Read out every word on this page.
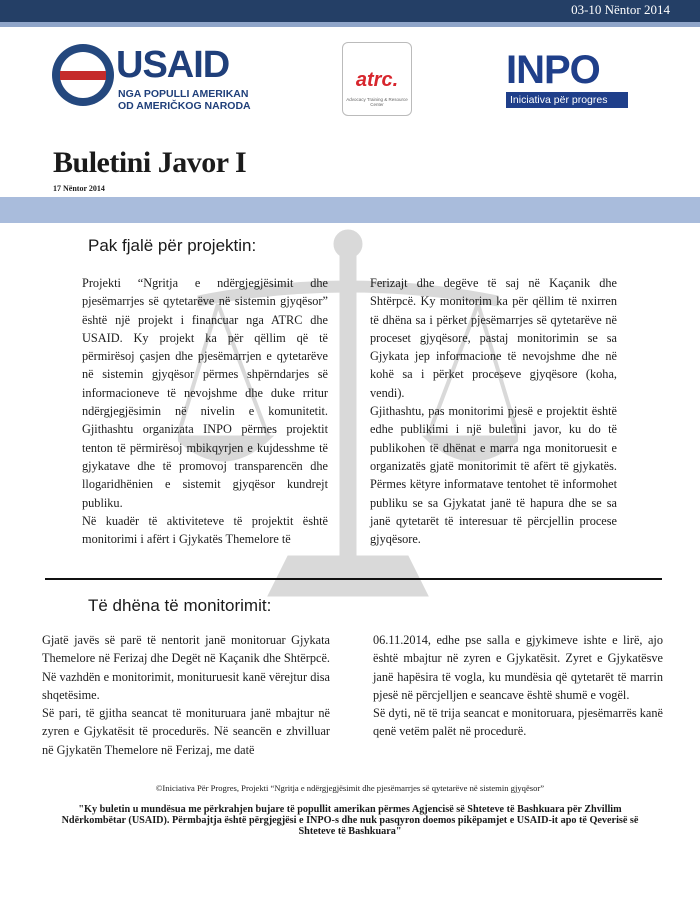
03-10 Nëntor 2014
USAID
NGA POPULLI AMERIKAN
OD AMERIČKOG NARODA
atrc.
Advocacy Training & Resource Center
INPO
Iniciativa për progres
Buletini Javor I
17 Nëntor 2014
Pak fjalë për projektin:

Projekti “Ngritja e ndërgjegjësimit dhe pjesëmarrjes së qytetarëve në sistemin gjyqësor” është një projekt i financuar nga ATRC dhe USAID. Ky projekt ka për qëllim që të përmirësoj çasjen dhe pjesëmarrjen e qytetarëve në sistemin gjyqësor përmes shpërndarjes së informacioneve të nevojshme dhe duke rritur ndërgjegjësimin në nivelin e komunitetit. Gjithashtu organizata INPO përmes projektit tenton të përmirësoj mbikqyrjen e kujdesshme të gjykatave dhe të promovoj transparencën dhe llogaridhënien e sistemit gjyqësor kundrejt publiku.

Në kuadër të aktiviteteve të projektit është monitorimi i afërt i Gjykatës Themelore të

Ferizajt dhe degëve të saj në Kaçanik dhe Shtërpcë. Ky monitorim ka për qëllim të nxirren të dhëna sa i përket pjesëmarrjes së qytetarëve në proceset gjyqësore, pastaj monitorimin se sa Gjykata jep informacione të nevojshme dhe në kohë sa i përket proceseve gjyqësore (koha, vendi).

Gjithashtu, pas monitorimi pjesë e projektit është edhe publikimi i një buletini javor, ku do të publikohen të dhënat e marra nga monitoruesit e organizatës gjatë monitorimit të afërt të gjykatës. Përmes këtyre informatave tentohet të informohet publiku se sa Gjykatat janë të hapura dhe se sa janë qytetarët të interesuar të përcjellin procese gjyqësore.

Të dhëna të monitorimit:

Gjatë javës së parë të nentorit janë monitoruar Gjykata Themelore në Ferizaj dhe Degët në Kaçanik dhe Shtërpcë. Në vazhdën e monitorimit, monituruesit kanë vërejtur disa shqetësime.

Së pari, të gjitha seancat të monituruara janë mbajtur në zyren e Gjykatësit të procedurës. Në seancën e zhvilluar në Gjykatën Themelore në Ferizaj, me datë

06.11.2014, edhe pse salla e gjykimeve ishte e lirë, ajo është mbajtur në zyren e Gjykatësit. Zyret e Gjykatësve janë hapësira të vogla, ku mundësia që qytetarët të marrin pjesë në përcjelljen e seancave është shumë e vogël.

Së dyti, në të trija seancat e monitoruara, pjesëmarrës kanë qenë vetëm palët në procedurë.

©Iniciativa Për Progres, Projekti “Ngritja e ndërgjegjësimit dhe pjesëmarrjes së qytetarëve në sistemin gjyqësor”
"Ky buletin u mundësua me përkrahjen bujare të popullit amerikan përmes Agjencisë së Shteteve të Bashkuara për Zhvillim Ndërkombëtar (USAID). Përmbajtja është përgjegjësi e INPO-s dhe nuk pasqyron doemos pikëpamjet e USAID-it apo të Qeverisë së Shteteve të Bashkuara"
